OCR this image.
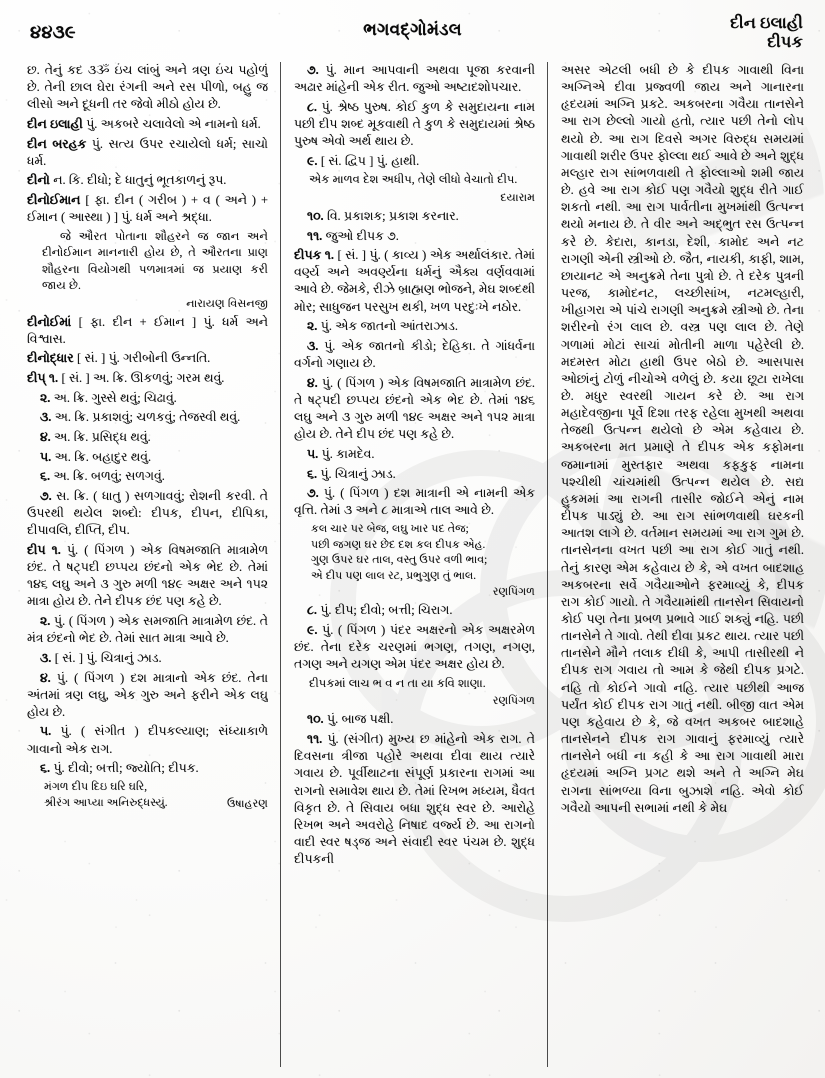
૪૪૩૯	ભગવદ્ગોમંડલ	દીન ઇલાહી
દીપક

છ. તેનું કદ ૩ૐ ઇંચ લાંબું અને ત્રણ ઇંચ પહોળું છે. તેની છાલ ઘેરા રંગની અને રસ પીળો, બહુ જ લીસો અને દૂધની તર જેવો મીઠો હોય છે.

દીન ઇલાહી પું. અકબરે ચલાવેલો એ નામનો ધર્મ.

દીન બરહક પું. સત્ય ઉપર રચાયેલો ધર્મ; સાચો ધર્મ.

દીનો ન. કિ. દીધો; દે ધાતુનું ભૂતકાળનું રૂપ.

દીનોઈમાન [ ફા. દીન ( ગરીબ ) + વ ( અને ) + ઈમાન ( આસ્થા ) ] પું. ધર્મ અને શ્રદ્ધા.

જે ઔરત પોતાના શૌહરને જ જાન અને દીનોઈમાન માનનારી હોય છે, તે ઔરતના પ્રાણ શૌહરના વિયોગથી પળમાત્રમાં જ પ્રયાણ કરી જાય છે.

નારાયણ વિસનજી

દીનોઈમાં [ ફા. દીન + ઈમાન ] પું. ધર્મ અને વિશ્વાસ.

દીનોદ્ધાર [ સં. ] પું. ગરીબોની ઉન્નતિ.

દીપ્ ૧. [ સં. ] અ. ક્રિ. ઊકળવું; ગરમ થવું.

૨. અ. ક્રિ. ગુસ્સે થવું; ચિઢાવું.

૩. અ. ક્રિ. પ્રકાશવું; ચળકવું; તેજસ્વી થવું.

૪. અ. ક્રિ. પ્રસિદ્ધ થવું.

૫. અ. ક્રિ. બહાદુર થવું.

૬. અ. ક્રિ. બળવું; સળગવું.

૭. સ. ક્રિ. ( ધાતુ ) સળગાવવું; રોશની કરવી. તે ઉપરથી થયેલ શબ્દો: દીપક, દીપન, દીપિકા, દીપાવલિ, દીપ્તિ, દીપ.

દીપ ૧. પું. ( પિંગળ ) એક વિષમજાતિ માત્રામેળ છંદ. તે ષટ્પદી છપ્પય છંદનો એક ભેદ છે. તેમાં ૧૪૬ લઘુ અને ૩ ગુરુ મળી ૧૪૯ અક્ષર અને ૧૫૨ માત્રા હોય છે. તેને દીપક છંદ પણ કહે છે.

૨. પું. ( પિંગળ ) એક સમજાતિ માત્રામેળ છંદ. તે મંત્ર છંદનો ભેદ છે. તેમાં સાત માત્રા આવે છે.

૩. [ સં. ] પું. ચિત્રાનું ઝાડ.

૪. પું. ( પિંગળ ) દશ માત્રાનો એક છંદ. તેના અંતમાં ત્રણ લઘુ, એક ગુરુ અને ફરીને એક લઘુ હોય છે.

૫. પું. ( સંગીત ) દીપકલ્યાણ; સંધ્યાકાળે ગાવાનો એક રાગ.

૬. પું. દીવો; બત્તી; જ્યોતિ; દીપક.

મંગળ દીપ દિઇ ઘરિ ઘરિ,
શ્રીરંગ આપ્યા અનિરુદ્ધસ્યું.	ઉષાહરણ

૭. પું. માન આપવાની અથવા પૂજા કરવાની અઢાર માંહેની એક રીત. જુઓ અષ્ટાદશોપચાર.

૮. પું. શ્રેષ્ઠ પુરુષ. કોઈ કુળ કે સમુદાયના નામ પછી દીપ શબ્દ મૂકવાથી તે કુળ કે સમુદાયમાં શ્રેષ્ઠ પુરુષ એવો અર્થ થાય છે.

૯. [ સં. દ્વિપ ] પું. હાથી.

એક માળવ દેશ અધીપ, તેણે લીધો વેચાતો દીપ.

દયારામ

૧૦. વિ. પ્રકાશક; પ્રકાશ કરનાર.

૧૧. જુઓ દીપક ૭.

દીપક ૧. [ સં. ] પું. ( કાવ્ય ) એક અર્થાલંકાર. તેમાં વર્ણ્ય અને અવર્ણ્યના ધર્મનું ઐક્ય વર્ણવવામાં આવે છે. જેમકે, રીઝે બ્રાહ્મણ ભોજને, મેઘ શબ્દથી મોર; સાધુજન પરસુખ થકી, ખળ પરદુઃખે નઠોર.

૨. પું. એક જાતનો આંતરાઝાડ.

૩. પું. એક જાતનો કીડો; દેહિકા. તે ગાંધર્વના વર્ગનો ગણાય છે.

૪. પું. ( પિંગળ ) એક વિષમજાતિ માત્રામેળ છંદ. તે ષટ્પદી છપ્પય છંદનો એક ભેદ છે. તેમાં ૧૪૬ લઘુ અને ૩ ગુરુ મળી ૧૪૯ અક્ષર અને ૧૫૨ માત્રા હોય છે. તેને દીપ છંદ પણ કહે છે.

૫. પું. કામદેવ.

૬. પું. ચિત્રાનું ઝાડ.

૭. પું. ( પિંગળ ) દશ માત્રાની એ નામની એક વૃત્તિ. તેમાં ૩ અને ૮ માત્રાએ તાલ આવે છે.

કલ ચાર પર બેજ, લઘુ ખાર પદ તેજ;
પછી જગણ ઘર છેદ દશ કલ દીપક એહ.
ગુણ ઉપર ઘર તાલ, વસ્તુ ઉપર વળી ભાવ;
એ દીપ પણ લાલ રટ, પ્રભુગુણ તું ભાલ.

રણપિંગળ

૮. પું. દીપ; દીવો; બત્તી; ચિરાગ.

૯. પું. ( પિંગળ ) પંદર અક્ષરનો એક અક્ષરમેળ છંદ. તેના દરેક ચરણમાં ભગણ, તગણ, નગણ, તગણ અને યગણ એમ પંદર અક્ષર હોય છે.

દીપકમાં લાચ ભ વ ન તા યા કવિ શાણા.

રણપિંગળ

૧૦. પું. બાજ પક્ષી.

૧૧. પું. (સંગીત) મુખ્ય છ માંહેનો એક રાગ. તે દિવસના ત્રીજા પહોરે અથવા દીવા થાય ત્યારે ગવાય છે. પૂર્વીથાટના સંપૂર્ણ પ્રકારના રાગમાં આ રાગનો સમાવેશ થાય છે. તેમાં રિખભ મધ્યમ, ધૈવત વિકૃત છે. તે સિવાય બધા શુદ્ધ સ્વર છે. આરોહે રિખભ અને અવરોહે નિષાદ વર્જ્ય છે. આ રાગનો વાદી સ્વર ષડ્જ અને સંવાદી સ્વર પંચમ છે. શુદ્ધ દીપકની

અસર એટલી બધી છે કે દીપક ગાવાથી વિના અગ્નિએ દીવા પ્રજ્વળી જાય અને ગાનારના હૃદયમાં અગ્નિ પ્રકટે. અકબરના ગવૈયા તાનસેને આ રાગ છેલ્લો ગાયો હતો, ત્યાર પછી તેનો લોપ થયો છે. આ રાગ દિવસે અગર વિરુદ્ધ સમયમાં ગાવાથી શરીર ઉપર ફોલ્લા થઈ આવે છે અને શુદ્ધ મલ્હાર રાગ સાંભળવાથી તે ફોલ્લાઓ શમી જાય છે. હવે આ રાગ કોઈ પણ ગવૈયો શુદ્ધ રીતે ગાઈ શકતો નથી. આ રાગ પાર્વતીના મુખમાંથી ઉત્પન્ન થયો મનાય છે. તે વીર અને અદ્ભુત રસ ઉત્પન્ન કરે છે. કેદારા, કાનડા, દેશી, કામોદ અને નટ રાગણી એની સ્ત્રીઓ છે. જૈત, નાયકી, કાફી, શામ, છાયાનટ એ અનુક્રમે તેના પુત્રો છે. તે દરેક પુત્રની પરજ, કામોદનટ, લચ્છીસાંખ, નટમલ્હારી, ખીહાગરા એ પાંચે રાગણી અનુક્રમે સ્ત્રીઓ છે. તેના શરીરનો રંગ લાલ છે. વસ્ત્ર પણ લાલ છે. તેણે ગળામાં મોટાં સાચાં મોતીની માળા પહેરેલી છે. મદમસ્ત મોટા હાથી ઉપર બેઠો છે. આસપાસ ઓછાંનું ટોળું નીચોએ વળેલું છે. કયા છૂટા રાખેલા છે. મધુર સ્વરથી ગાયન કરે છે. આ રાગ મહાદેવજીના પૂર્વે દિશા તરફ રહેલા મુખથી અથવા તેજથી ઉત્પન્ન થયેલો છે એમ કહેવાય છે. અકબરના મત પ્રમાણે તે દીપક એક કફોમના જમાનામાં મુસ્તફાર અથવા કફકુફ નામના પશ્ચીથી ચાંચમાંથી ઉત્પન્ન થયેલ છે. સદ્ય હુકમમાં આ રાગની તાસીર જોઈને એનું નામ દીપક પાડ્યું છે. આ રાગ સાંભળવાથી ઘરકની આતશ લાગે છે. વર્તમાન સમયમાં આ રાગ ગુમ છે. તાનસેનના વખત પછી આ રાગ કોઈ ગાતું નથી. તેનું કારણ એમ કહેવાય છે કે, એ વખત બાદશાહ અકબરના સર્વે ગવૈયાઓને ફરમાવ્યું કે, દીપક રાગ કોઈ ગાયો. તે ગવૈયામાંથી તાનસેન સિવાયનો કોઈ પણ તેના પ્રબળ પ્રભાવે ગાઈ શક્યું નહિ. પછી તાનસેને તે ગાવો. તેથી દીવા પ્રકટ થાય. ત્યાર પછી તાનસેને મૌને તલાક દીધી કે, આપી તાસીરથી ને દીપક રાગ ગવાય તો આમ કે જેથી દીપક પ્રગટે. નહિ તો કોઈને ગાવો નહિ. ત્યાર પછીથી આજ પર્યંત કોઈ દીપક રાગ ગાતું નથી. બીજી વાત એમ પણ કહેવાય છે કે, જે વખત અકબર બાદશાહે તાનસેનને દીપક રાગ ગાવાનું ફરમાવ્યું ત્યારે તાનસેને બધી ના કહી કે આ રાગ ગાવાથી મારા હૃદયમાં અગ્નિ પ્રગટ થશે અને તે અગ્નિ મેઘ રાગના સાંભળ્યા વિના બુઝાશે નહિ. એવો કોઈ ગવૈયો આપની સભામાં નથી કે મેઘ
